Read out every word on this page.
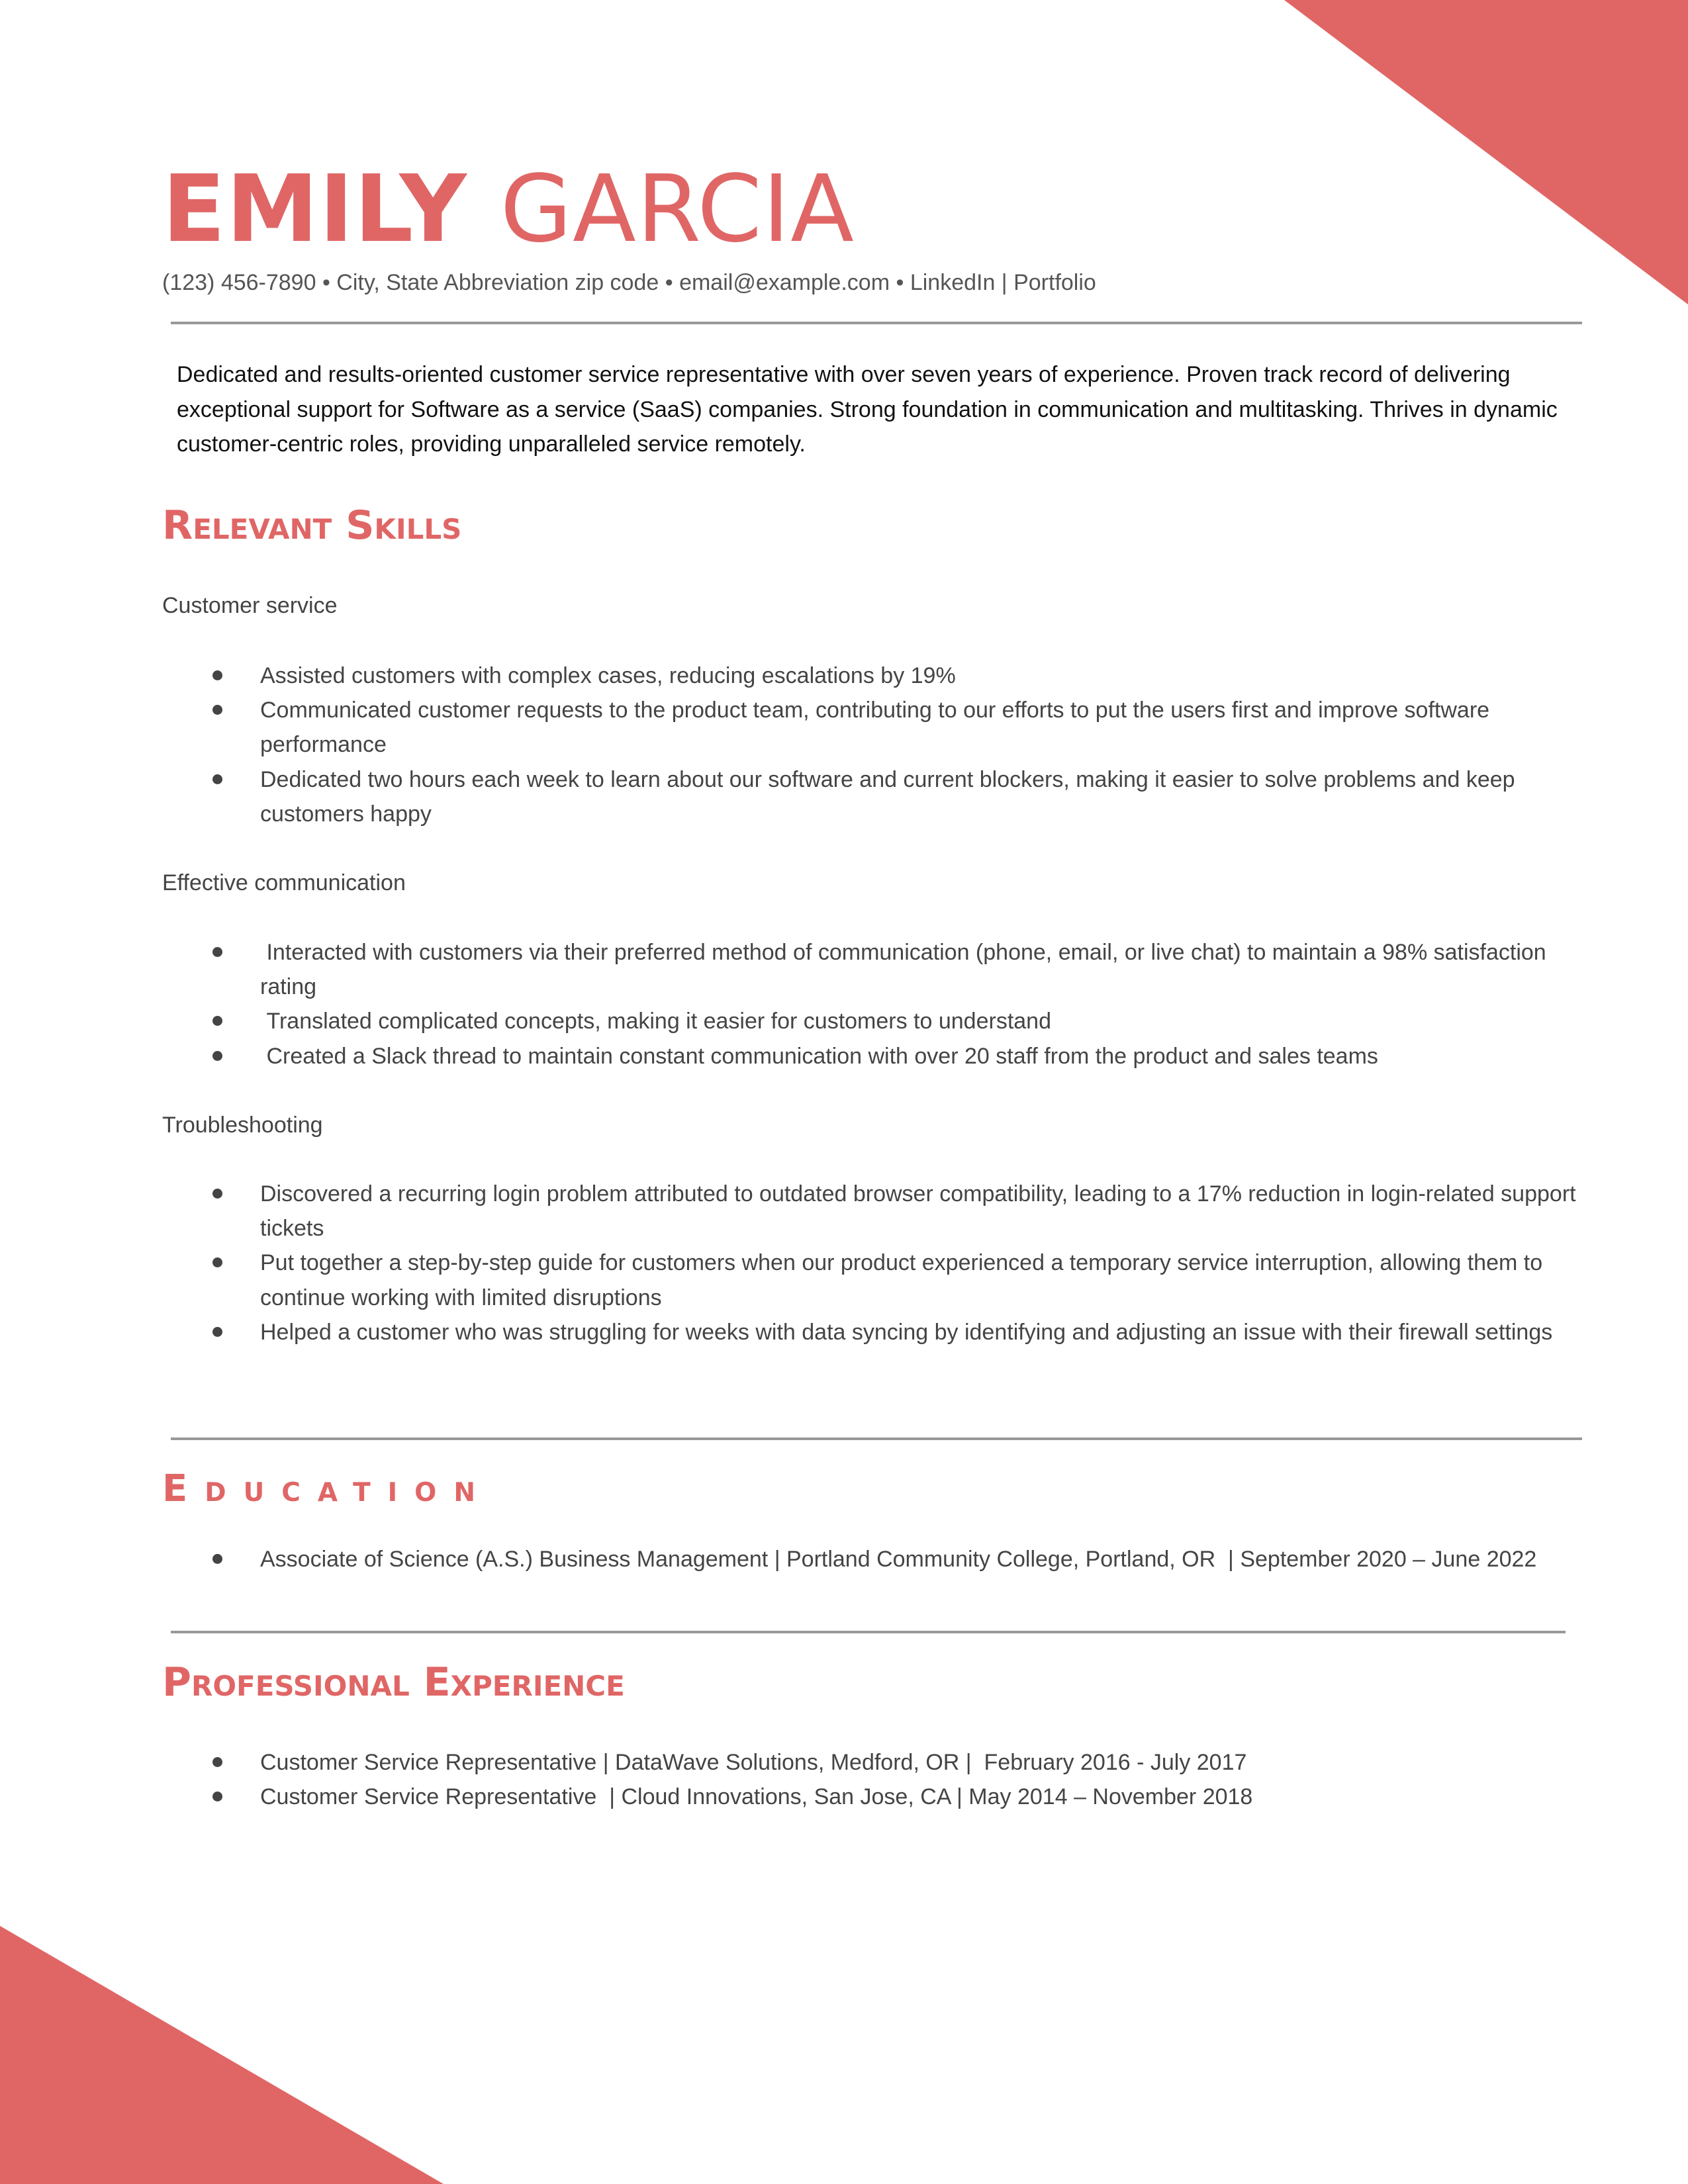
EMILY GARCIA
(123) 456-7890 • City, State Abbreviation zip code • email@example.com • LinkedIn | Portfolio

Dedicated and results-oriented customer service representative with over seven years of experience. Proven track record of delivering exceptional support for Software as a service (SaaS) companies. Strong foundation in communication and multitasking. Thrives in dynamic customer-centric roles, providing unparalleled service remotely.

Relevant Skills
Customer service
Assisted customers with complex cases, reducing escalations by 19%
Communicated customer requests to the product team, contributing to our efforts to put the users first and improve software performance
Dedicated two hours each week to learn about our software and current blockers, making it easier to solve problems and keep customers happy
Effective communication
Interacted with customers via their preferred method of communication (phone, email, or live chat) to maintain a 98% satisfaction rating
Translated complicated concepts, making it easier for customers to understand
Created a Slack thread to maintain constant communication with over 20 staff from the product and sales teams
Troubleshooting
Discovered a recurring login problem attributed to outdated browser compatibility, leading to a 17% reduction in login-related support tickets
Put together a step-by-step guide for customers when our product experienced a temporary service interruption, allowing them to continue working with limited disruptions
Helped a customer who was struggling for weeks with data syncing by identifying and adjusting an issue with their firewall settings
Education
Associate of Science (A.S.) Business Management | Portland Community College, Portland, OR  | September 2020 – June 2022
Professional Experience
Customer Service Representative | DataWave Solutions, Medford, OR |  February 2016 - July 2017
Customer Service Representative  | Cloud Innovations, San Jose, CA | May 2014 – November 2018
